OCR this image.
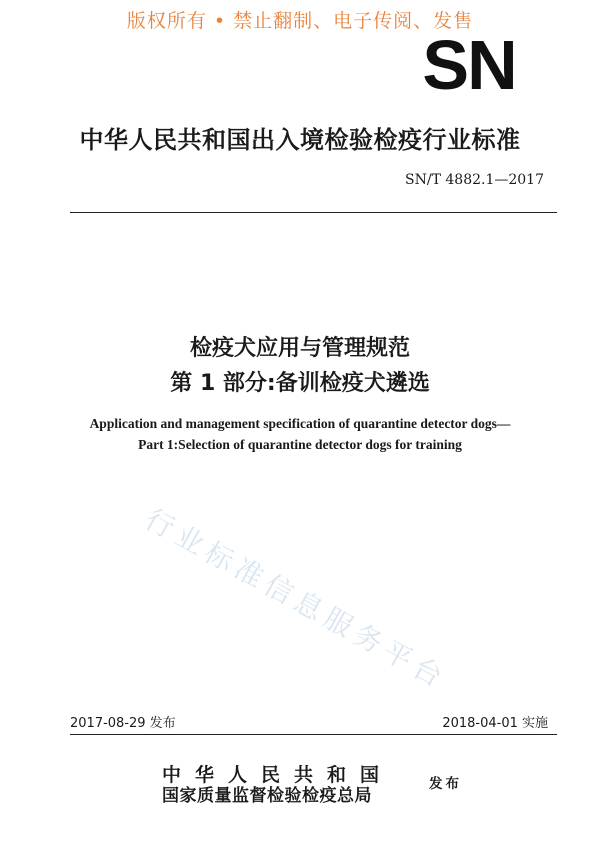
版权所有 • 禁止翻制、电子传阅、发售
SN
中华人民共和国出入境检验检疫行业标准
SN/T 4882.1—2017
检疫犬应用与管理规范
第 1 部分:备训检疫犬遴选
Application and management specification of quarantine detector dogs—
Part 1:Selection of quarantine detector dogs for training
行业标准信息服务平台
2017-08-29 发布	2018-04-01 实施
中华人民共和国
国家质量监督检验检疫总局
发布
